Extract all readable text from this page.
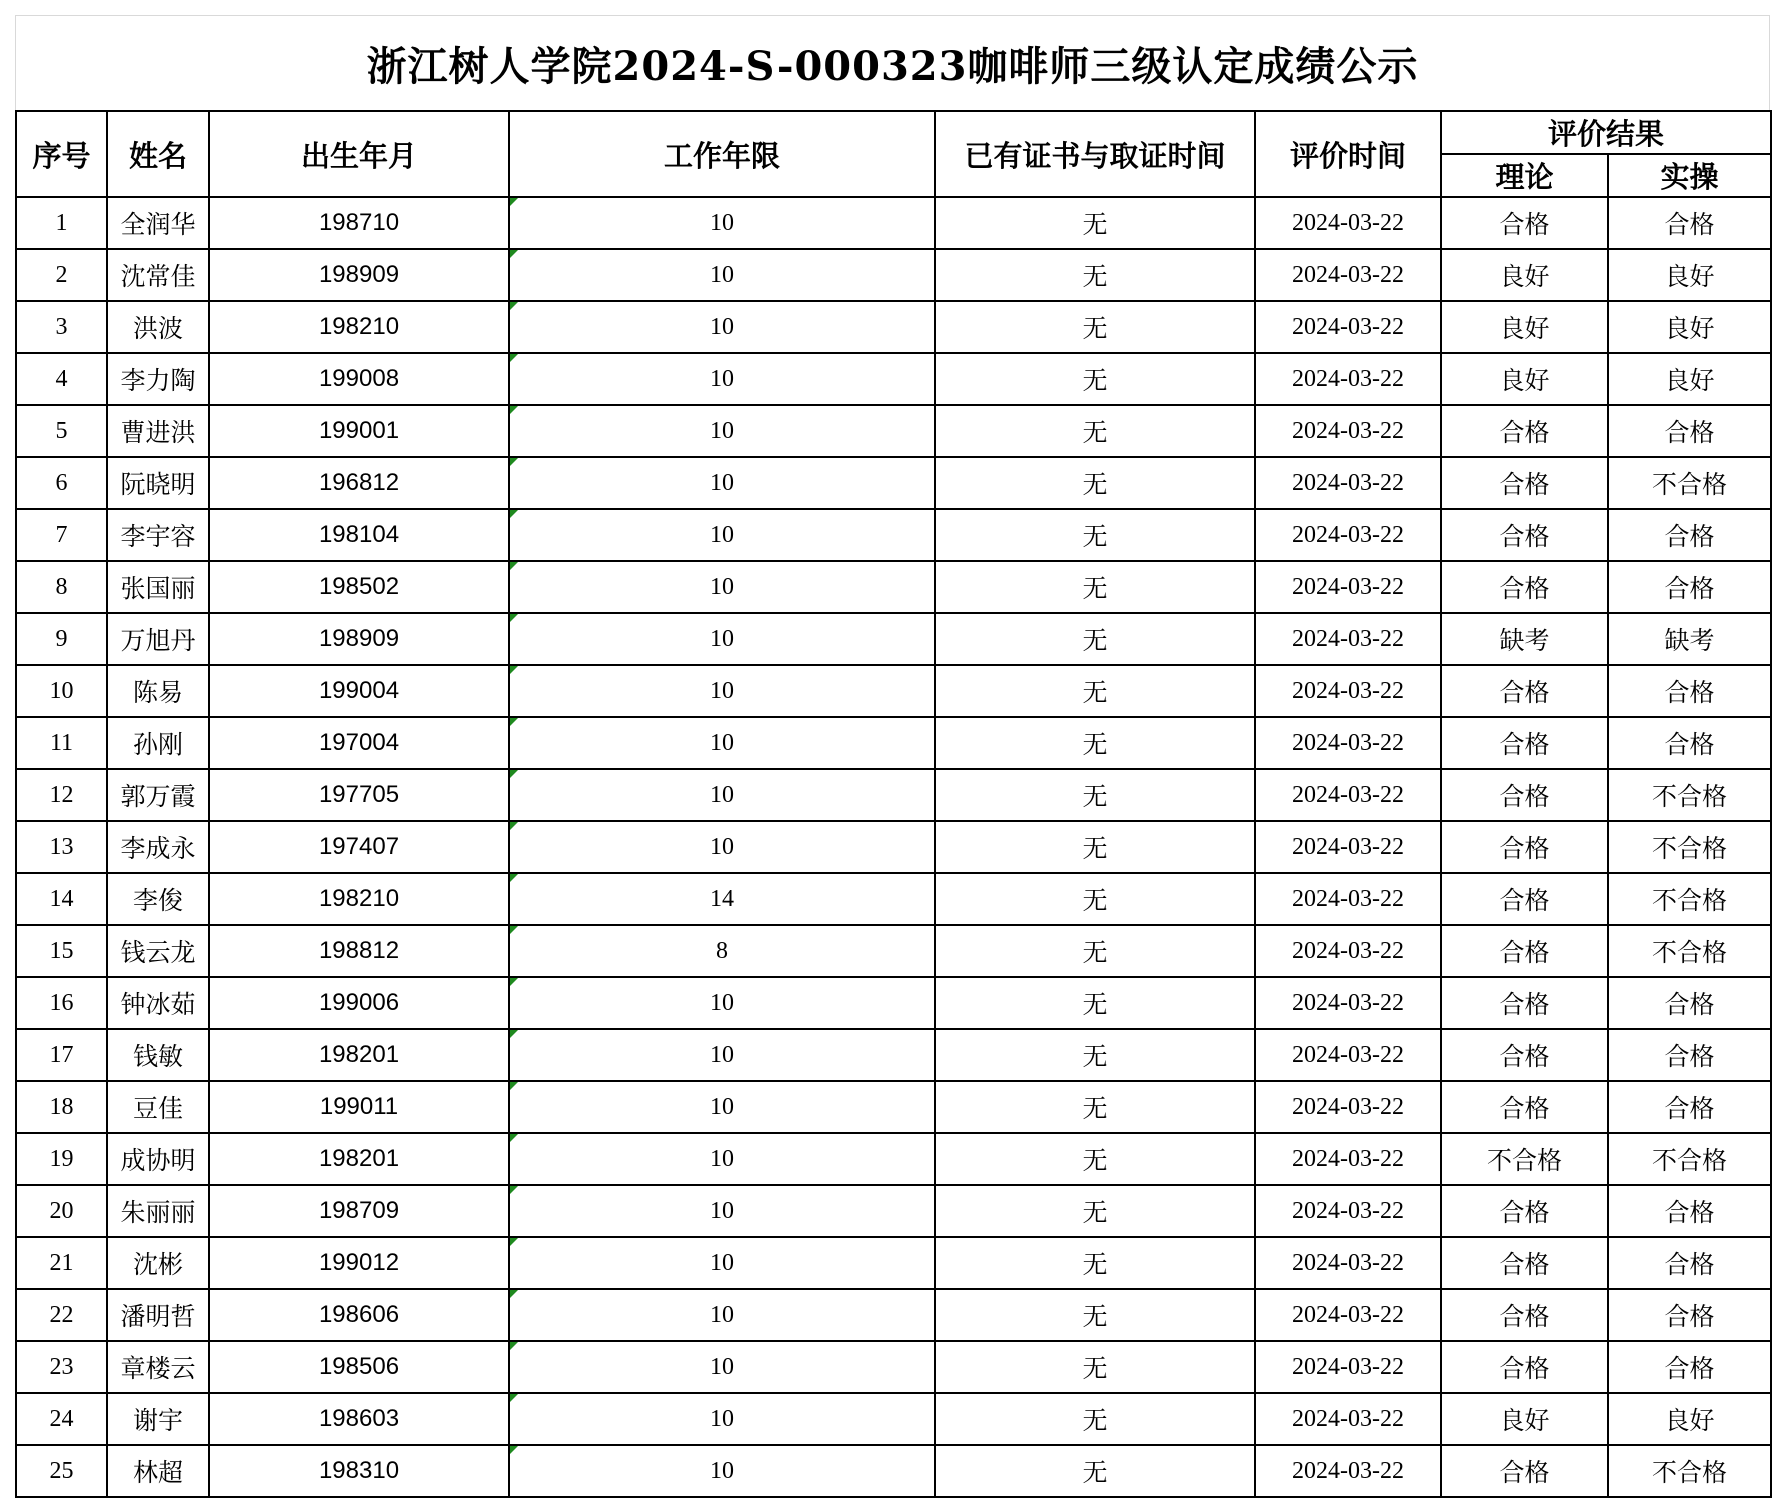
浙江树人学院2024-S-000323咖啡师三级认定成绩公示
序号	姓名	出生年月	工作年限	已有证书与取证时间	评价时间	评价结果	
						理论	实操
1	全润华	198710	10	无	2024-03-22	合格	合格
2	沈常佳	198909	10	无	2024-03-22	良好	良好
3	洪波	198210	10	无	2024-03-22	良好	良好
4	李力陶	199008	10	无	2024-03-22	良好	良好
5	曹进洪	199001	10	无	2024-03-22	合格	合格
6	阮晓明	196812	10	无	2024-03-22	合格	不合格
7	李宇容	198104	10	无	2024-03-22	合格	合格
8	张国丽	198502	10	无	2024-03-22	合格	合格
9	万旭丹	198909	10	无	2024-03-22	缺考	缺考
10	陈易	199004	10	无	2024-03-22	合格	合格
11	孙刚	197004	10	无	2024-03-22	合格	合格
12	郭万霞	197705	10	无	2024-03-22	合格	不合格
13	李成永	197407	10	无	2024-03-22	合格	不合格
14	李俊	198210	14	无	2024-03-22	合格	不合格
15	钱云龙	198812	8	无	2024-03-22	合格	不合格
16	钟冰茹	199006	10	无	2024-03-22	合格	合格
17	钱敏	198201	10	无	2024-03-22	合格	合格
18	豆佳	199011	10	无	2024-03-22	合格	合格
19	成协明	198201	10	无	2024-03-22	不合格	不合格
20	朱丽丽	198709	10	无	2024-03-22	合格	合格
21	沈彬	199012	10	无	2024-03-22	合格	合格
22	潘明哲	198606	10	无	2024-03-22	合格	合格
23	章楼云	198506	10	无	2024-03-22	合格	合格
24	谢宇	198603	10	无	2024-03-22	良好	良好
25	林超	198310	10	无	2024-03-22	合格	不合格
